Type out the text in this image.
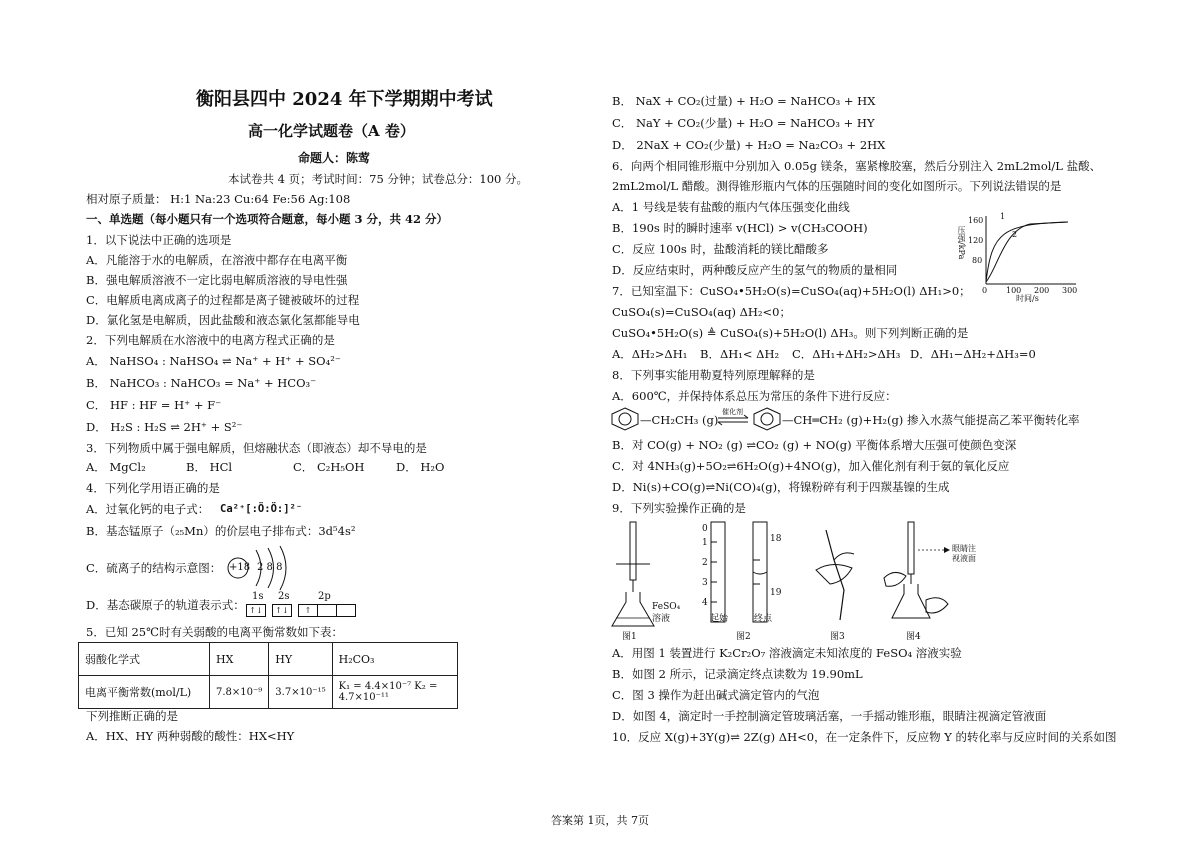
衡阳县四中 2024 年下学期期中考试
高一化学试题卷（A 卷）
命题人：陈莺
本试卷共 4 页；考试时间：75 分钟；试卷总分：100 分。
相对原子质量： H:1 Na:23 Cu:64 Fe:56 Ag:108
一、单选题（每小题只有一个选项符合题意，每小题 3 分，共 42 分）
1．以下说法中正确的选项是
A．凡能溶于水的电解质，在溶液中都存在电离平衡
B．强电解质溶液不一定比弱电解质溶液的导电性强
C．电解质电离成离子的过程都是离子键被破坏的过程
D．氯化氢是电解质，因此盐酸和液态氯化氢都能导电
2．下列电解质在水溶液中的电离方程式正确的是
A． NaHSO₄ : NaHSO₄ ⇌ Na⁺ + H⁺ + SO₄²⁻
B． NaHCO₃ : NaHCO₃ = Na⁺ + HCO₃⁻
C． HF : HF = H⁺ + F⁻
D． H₂S : H₂S ⇌ 2H⁺ + S²⁻
3．下列物质中属于强电解质，但熔融状态（即液态）却不导电的是
A． MgCl₂	B． HCl	C． C₂H₅OH	D． H₂O
4．下列化学用语正确的是
A．过氧化钙的电子式： Ca²⁺[:Ö:Ö:]²⁻
B．基态锰原子（₂₅Mn）的价层电子排布式：3d⁵4s²
C．硫离子的结构示意图： +18 2 8 8
D．基态碳原子的轨道表示式：
1s 2s	2p
↑↓	↑↓	↑
5．已知 25℃时有关弱酸的电离平衡常数如下表：
弱酸化学式	HX	HY	H₂CO₃
电离平衡常数(mol/L)	7.8×10⁻⁹	3.7×10⁻¹⁵	K₁ = 4.4×10⁻⁷ K₂ = 4.7×10⁻¹¹
下列推断正确的是
A．HX、HY 两种弱酸的酸性：HX<HY
B． NaX + CO₂(过量) + H₂O = NaHCO₃ + HX
C． NaY + CO₂(少量) + H₂O = NaHCO₃ + HY
D． 2NaX + CO₂(少量) + H₂O = Na₂CO₃ + 2HX
6．向两个相同锥形瓶中分别加入 0.05g 镁条，塞紧橡胶塞，然后分别注入 2mL2mol/L 盐酸、
2mL2mol/L 醋酸。测得锥形瓶内气体的压强随时间的变化如图所示。下列说法错误的是
A．1 号线是装有盐酸的瓶内气体压强变化曲线
B．190s 时的瞬时速率 v(HCl) > v(CH₃COOH)
C．反应 100s 时，盐酸消耗的镁比醋酸多
D．反应结束时，两种酸反应产生的氢气的物质的量相同
160
120
80
压强/kPa
1
2
0 100 200 300
时间/s
7．已知室温下：CuSO₄•5H₂O(s)=CuSO₄(aq)+5H₂O(l) ΔH₁>0；
CuSO₄(s)=CuSO₄(aq) ΔH₂<0；
CuSO₄•5H₂O(s) ≜ CuSO₄(s)+5H₂O(l) ΔH₃。则下列判断正确的是
A．ΔH₂>ΔH₁ B．ΔH₁< ΔH₂ C．ΔH₁+ΔH₂>ΔH₃ D．ΔH₁−ΔH₂+ΔH₃=0
8．下列事实能用勒夏特列原理解释的是
A．600℃，并保持体系总压为常压的条件下进行反应：
—CH₂CH₃ (g)
催化剂
—CH═CH₂ (g)+H₂(g) 掺入水蒸气能提高乙苯平衡转化率
B．对 CO(g) + NO₂ (g) ⇌CO₂ (g) + NO(g) 平衡体系增大压强可使颜色变深
C．对 4NH₃(g)+5O₂⇌6H₂O(g)+4NO(g)，加入催化剂有利于氨的氧化反应
D．Ni(s)+CO(g)⇌Ni(CO)₄(g)，将镍粉碎有利于四羰基镍的生成
9．下列实验操作正确的是
FeSO₄
溶液
0
1
2
3
4
18
19
起始	终点
眼睛注
视液面
图1	图2	图3	图4
A．用图 1 装置进行 K₂Cr₂O₇ 溶液滴定未知浓度的 FeSO₄ 溶液实验
B．如图 2 所示，记录滴定终点读数为 19.90mL
C．图 3 操作为赶出碱式滴定管内的气泡
D．如图 4，滴定时一手控制滴定管玻璃活塞，一手摇动锥形瓶，眼睛注视滴定管液面
10．反应 X(g)+3Y(g)⇌ 2Z(g) ΔH<0，在一定条件下，反应物 Y 的转化率与反应时间的关系如图
答案第 1页，共 7页
